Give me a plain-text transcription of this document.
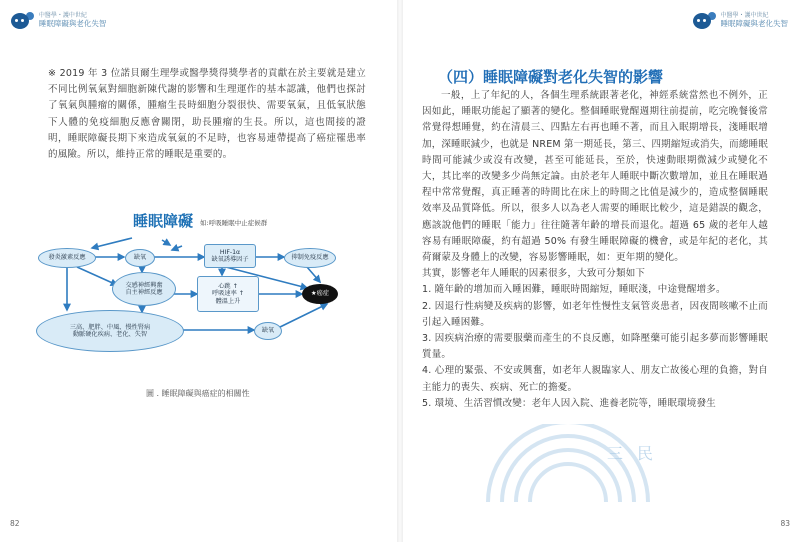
中醫學・護中世紀
睡眠障礙與老化失智
※ 2019 年 3 位諾貝爾生理學或醫學獎得獎學者的貢獻在於主要就是建立不同比例氧氣對細胞新陳代謝的影響和生理運作的基本認識，他們也探討了氧氣與腫瘤的關係，腫瘤生長時細胞分裂很快、需要氧氣，且低氧狀態下人體的免疫細胞反應會關閉，助長腫瘤的生長。所以，這也間接的證明，睡眠障礙長期下來造成氧氣的不足時，也容易連帶提高了癌症罹患率的風險。所以，維持正常的睡眠是重要的。
82
睡眠障礙	如:呼吸睡眠中止症候群
發炎激素反應	缺氧
HIF-1α
缺氧誘導因子	抑制免疫反應
交感神經興奮
自主神經反應
心跳 ↑
呼吸速率 ↑
體溫上升
★癌症
三高、肥胖、中風、慢性腎病
動脈硬化疾病、老化、失智
缺氧
圖 . 睡眠障礙與癌症的相關性
中醫學・護中世紀
睡眠障礙與老化失智
83
（四）睡眠障礙對老化失智的影響

一般，上了年紀的人，各個生理系統跟著老化，神經系統當然也不例外，正因如此，睡眠功能起了顯著的變化。整個睡眠覺醒週期往前提前，吃完晚餐後常常覺得想睡覺，約在清晨三、四點左右再也睡不著，而且入眠期增長，淺睡眠增加，深睡眠減少，也就是 NREM 第一期延長，第三、四期縮短或消失，而總睡眠時間可能減少或沒有改變，甚至可能延長，至於，快速動眼期微減少或變化不大，其比率的改變多少尚無定論。由於老年人睡眠中斷次數增加，並且在睡眠過程中常常覺醒，真正睡著的時間比在床上的時間之比值是減少的，造成整個睡眠效率及品質降低。所以，很多人以為老人需要的睡眠比較少，這是錯誤的觀念，應該說他們的睡眠「能力」往往隨著年齡的增長而退化。超過 65 歲的老年人越容易有睡眠障礙，約有超過 50% 有發生睡眠障礙的機會，或是年紀的老化，其荷爾蒙及身體上的改變，容易影響睡眠，如：更年期的變化。

其實，影響老年人睡眠的因素很多，大致可分類如下

1. 隨年齡的增加而入睡困難，睡眠時間縮短，睡眠淺，中途覺醒增多。

2. 因退行性病變及疾病的影響，如老年性慢性支氣管炎患者，因夜間咳嗽不止而引起入睡困難。

3. 因疾病治療的需要服藥而產生的不良反應，如降壓藥可能引起多夢而影響睡眠質量。

4. 心理的緊張、不安或興奮，如老年人親臨家人、朋友亡故後心理的負擔，對自主能力的喪失、疾病、死亡的擔憂。

5. 環境、生活習慣改變：老年人因入院、進養老院等，睡眠環境發生

三民
